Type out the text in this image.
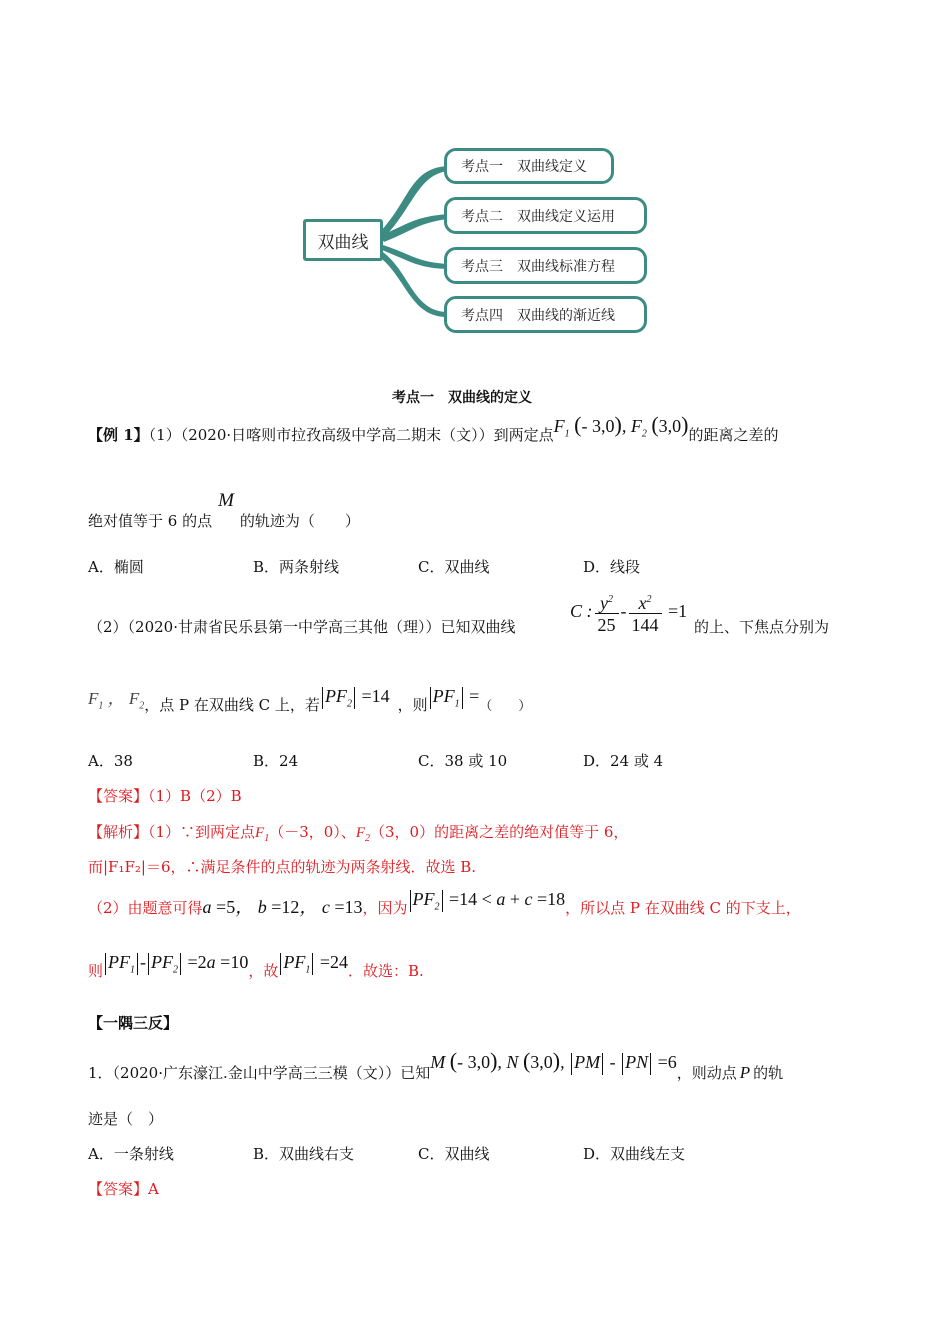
双曲线
考点一　双曲线定义
考点二　双曲线定义运用
考点三　双曲线标准方程
考点四　双曲线的渐近线
考点一　双曲线的定义
【例 1】（1）（2020·日喀则市拉孜高级中学高二期末（文））到两定点$F_1$ (- 3,0), $F_2$ (3,0)的距离之差的
绝对值等于 6 的点M的轨迹为（　　）
A．椭圆	B．两条射线	C．双曲线	D．线段
（2）（2020·甘肃省民乐县第一中学高三其他（理））已知双曲线
C : $\frac{y^2}{25} - \frac{x^2}{144} =1$
的上、下焦点分别为
$F_1$ ， $F_2$，点 P 在双曲线 C 上，若 $PF_2 =14$ ，则 $PF_1$ =（　　）
A．38	B．24	C．38 或 10	D．24 或 4
【答案】（1）B（2）B
【解析】（1）∵到两定点$F_1(-3$，0）、$F_2(3$，0）的距离之差的绝对值等于 6，
而|F₁F₂|＝6，∴满足条件的点的轨迹为两条射线．故选 B.
（2）由题意可得a =5， b =12， c =13，因为 $PF_2 =14 < a + c =18$，所以点 P 在双曲线 C 的下支上，
则 $PF_1 - PF_2 =2a =10$，故 $PF_1 =24$．故选：B.
【一隅三反】
1．（2020·广东濠江.金山中学高三三模（文））已知M (- 3,0), N (3,0), PM - PN =6，则动点 P 的轨
迹是（　）
A．一条射线	B．双曲线右支	C．双曲线	D．双曲线左支
【答案】A
